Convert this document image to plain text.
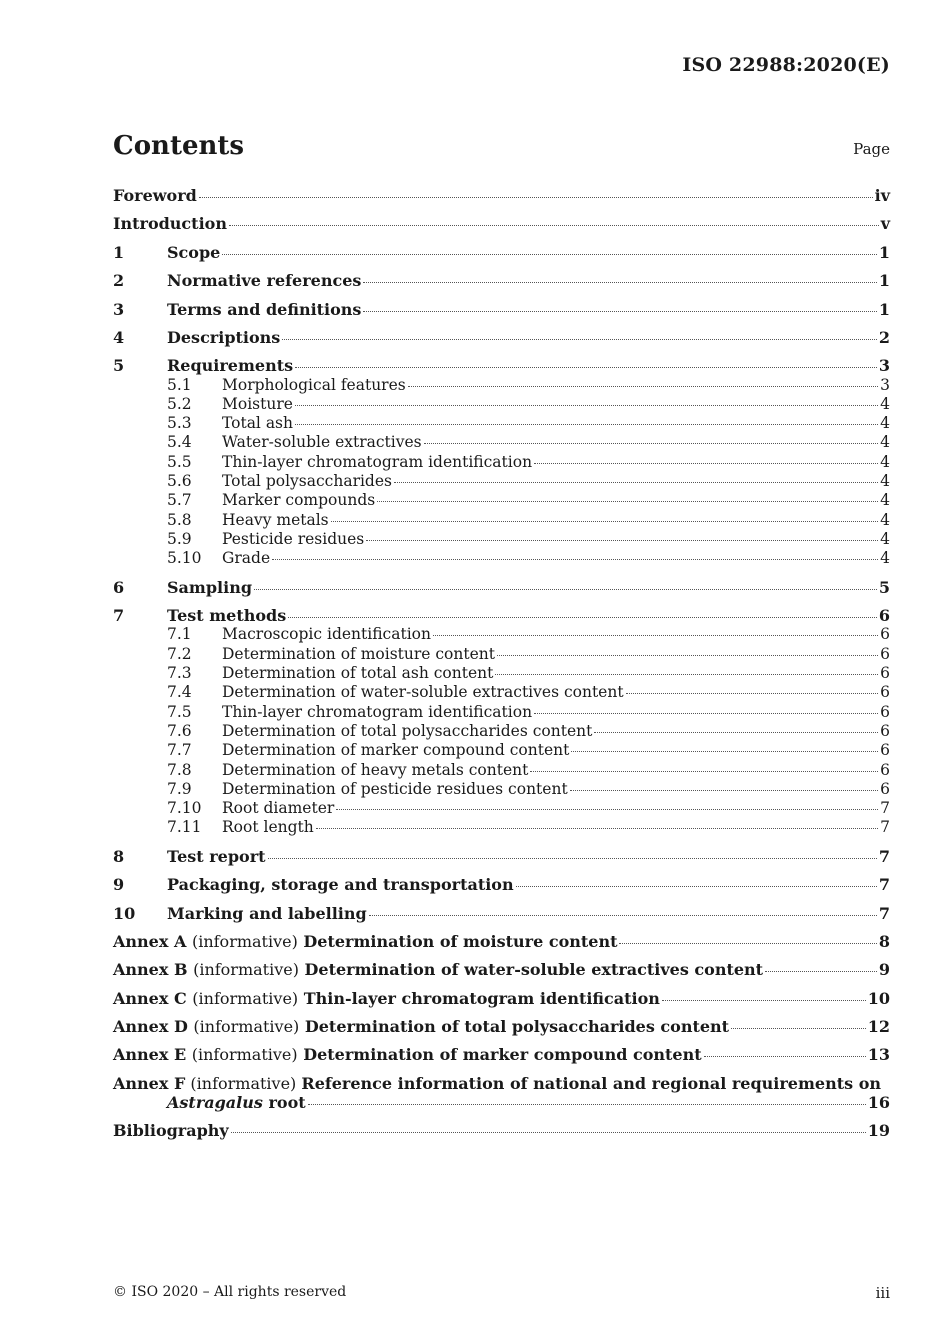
ISO 22988:2020(E)
Contents	Page
Foreword	iv
Introduction	v
1	Scope	1
2	Normative references	1
3	Terms and definitions	1
4	Descriptions	2
5	Requirements	3
5.1	Morphological features	3
5.2	Moisture	4
5.3	Total ash	4
5.4	Water-soluble extractives	4
5.5	Thin-layer chromatogram identification	4
5.6	Total polysaccharides	4
5.7	Marker compounds	4
5.8	Heavy metals	4
5.9	Pesticide residues	4
5.10	Grade	4
6	Sampling	5
7	Test methods	6
7.1	Macroscopic identification	6
7.2	Determination of moisture content	6
7.3	Determination of total ash content	6
7.4	Determination of water-soluble extractives content	6
7.5	Thin-layer chromatogram identification	6
7.6	Determination of total polysaccharides content	6
7.7	Determination of marker compound content	6
7.8	Determination of heavy metals content	6
7.9	Determination of pesticide residues content	6
7.10	Root diameter	7
7.11	Root length	7
8	Test report	7
9	Packaging, storage and transportation	7
10	Marking and labelling	7
Annex A (informative) Determination of moisture content	8
Annex B (informative) Determination of water-soluble extractives content	9
Annex C (informative) Thin-layer chromatogram identification	10
Annex D (informative) Determination of total polysaccharides content	12
Annex E (informative) Determination of marker compound content	13
Annex F (informative) Reference information of national and regional requirements on
Astragalus root	16
Bibliography	19
© ISO 2020 – All rights reserved	iii
